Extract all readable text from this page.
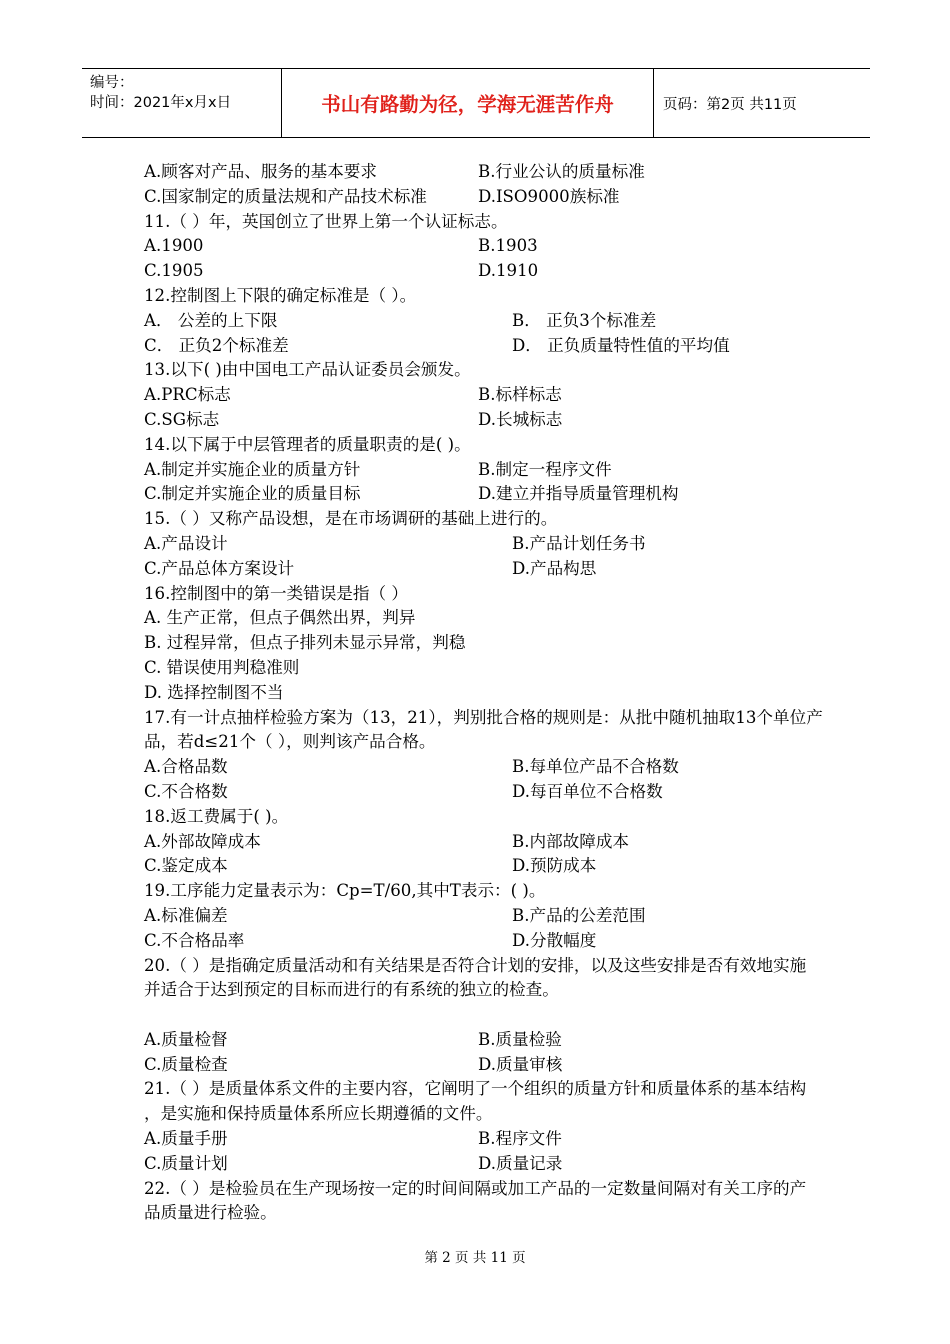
编号：
时间：2021年x月x日	书山有路勤为径，学海无涯苦作舟	页码：第2页 共11页
A.顾客对产品、服务的基本要求	B.行业公认的质量标准
C.国家制定的质量法规和产品技术标准	D.ISO9000族标准
11.（ ）年，英国创立了世界上第一个认证标志。
A.1900	B.1903
C.1905	D.1910
12.控制图上下限的确定标准是（ ）。
A． 公差的上下限	B． 正负3个标准差
C． 正负2个标准差	D． 正负质量特性值的平均值
13.以下( )由中国电工产品认证委员会颁发。
A.PRC标志	B.标样标志
C.SG标志	D.长城标志
14.以下属于中层管理者的质量职责的是( )。
A.制定并实施企业的质量方针	B.制定一程序文件
C.制定并实施企业的质量目标	D.建立并指导质量管理机构
15.（ ）又称产品设想，是在市场调研的基础上进行的。
A.产品设计	B.产品计划任务书
C.产品总体方案设计	D.产品构思
16.控制图中的第一类错误是指（ ）
A. 生产正常，但点子偶然出界，判异
B. 过程异常，但点子排列未显示异常，判稳
C. 错误使用判稳准则
D. 选择控制图不当
17.有一计点抽样检验方案为（13，21），判别批合格的规则是：从批中随机抽取13个单位产品，若d≤21个（ ），则判该产品合格。
A.合格品数	B.每单位产品不合格数
C.不合格数	D.每百单位不合格数
18.返工费属于( )。
A.外部故障成本	B.内部故障成本
C.鉴定成本	D.预防成本
19.工序能力定量表示为：Cp=T/60,其中T表示：( )。
A.标准偏差	B.产品的公差范围
C.不合格品率	D.分散幅度
20.（ ）是指确定质量活动和有关结果是否符合计划的安排，以及这些安排是否有效地实施 并适合于达到预定的目标而进行的有系统的独立的检查。
A.质量检督	B.质量检验
C.质量检查	D.质量审核
21.（ ）是质量体系文件的主要内容，它阐明了一个组织的质量方针和质量体系的基本结构 ，是实施和保持质量体系所应长期遵循的文件。
A.质量手册	B.程序文件
C.质量计划	D.质量记录
22.（ ）是检验员在生产现场按一定的时间间隔或加工产品的一定数量间隔对有关工序的产 品质量进行检验。
第 2 页 共 11 页
